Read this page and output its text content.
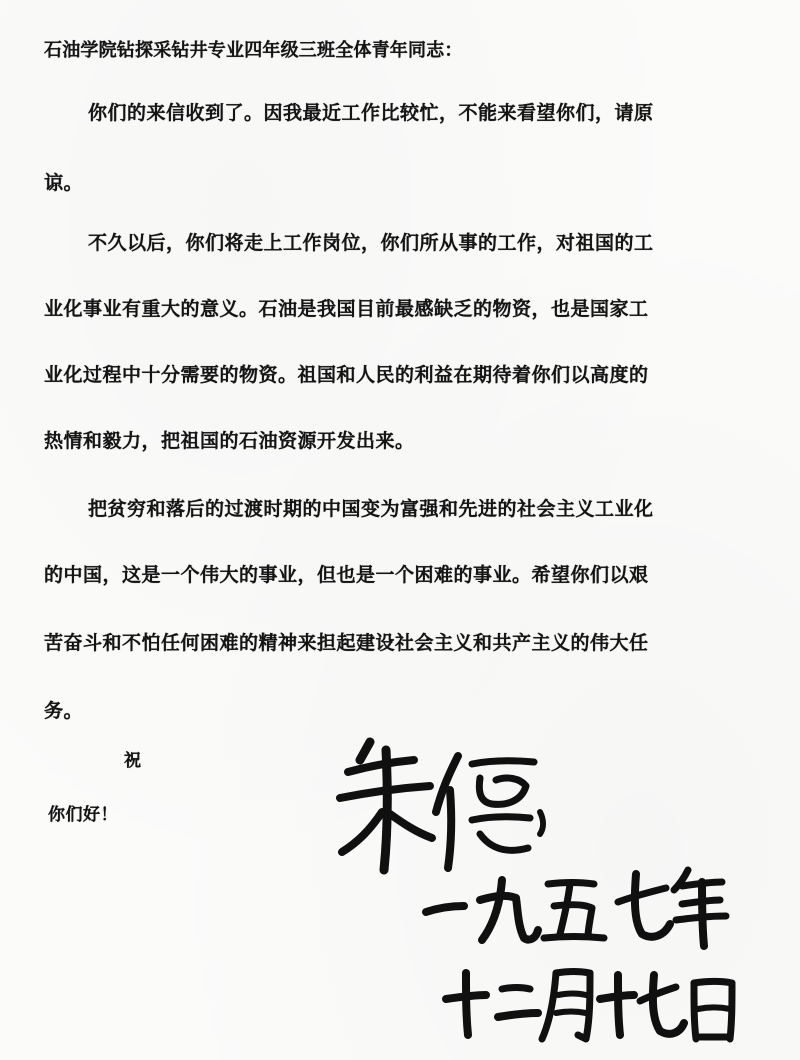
石油学院钻探采钻井专业四年级三班全体青年同志：
你们的来信收到了。因我最近工作比较忙，不能来看望你们，请原
谅。
不久以后，你们将走上工作岗位，你们所从事的工作，对祖国的工
业化事业有重大的意义。石油是我国目前最感缺乏的物资，也是国家工
业化过程中十分需要的物资。祖国和人民的利益在期待着你们以高度的
热情和毅力，把祖国的石油资源开发出来。
把贫穷和落后的过渡时期的中国变为富强和先进的社会主义工业化
的中国，这是一个伟大的事业，但也是一个困难的事业。希望你们以艰
苦奋斗和不怕任何困难的精神来担起建设社会主义和共产主义的伟大任
务。
祝
你们好！
